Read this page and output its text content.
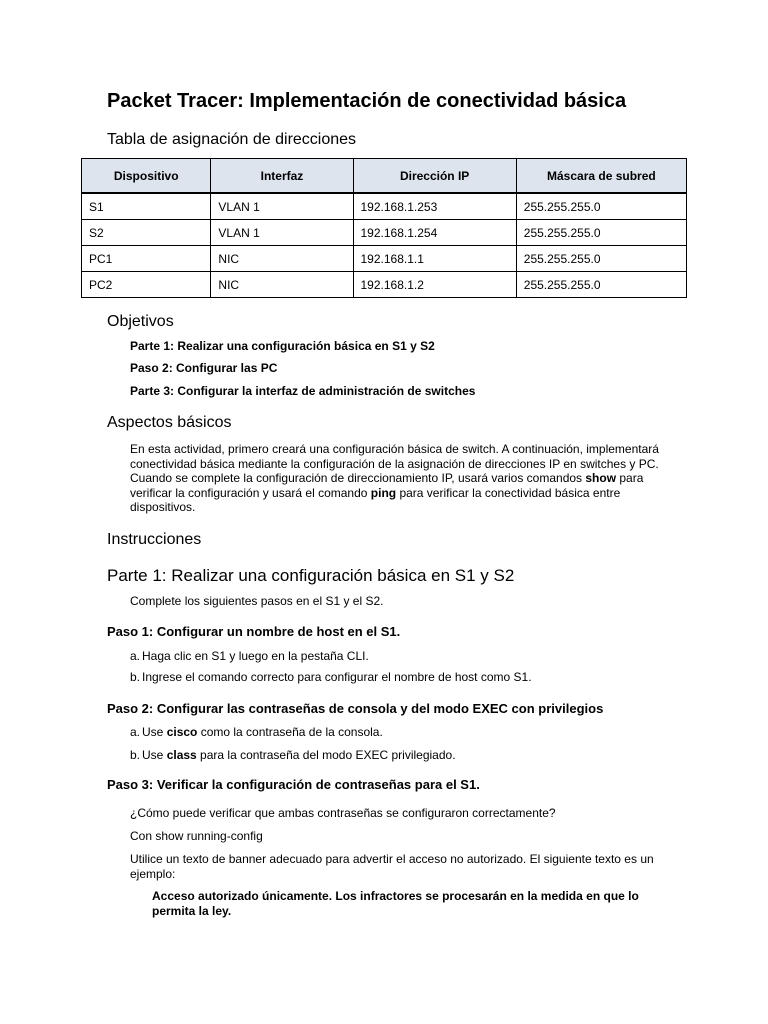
Packet Tracer: Implementación de conectividad básica
Tabla de asignación de direcciones
Dispositivo	Interfaz	Dirección IP	Máscara de subred
S1	VLAN 1	192.168.1.253	255.255.255.0
S2	VLAN 1	192.168.1.254	255.255.255.0
PC1	NIC	192.168.1.1	255.255.255.0
PC2	NIC	192.168.1.2	255.255.255.0
Objetivos
Parte 1: Realizar una configuración básica en S1 y S2
Paso 2: Configurar las PC
Parte 3: Configurar la interfaz de administración de switches
Aspectos básicos
En esta actividad, primero creará una configuración básica de switch. A continuación, implementará conectividad básica mediante la configuración de la asignación de direcciones IP en switches y PC. Cuando se complete la configuración de direccionamiento IP, usará varios comandos show para verificar la configuración y usará el comando ping para verificar la conectividad básica entre dispositivos.
Instrucciones
Parte 1: Realizar una configuración básica en S1 y S2
Complete los siguientes pasos en el S1 y el S2.
Paso 1: Configurar un nombre de host en el S1.
a. Haga clic en S1 y luego en la pestaña CLI.
b. Ingrese el comando correcto para configurar el nombre de host como S1.
Paso 2: Configurar las contraseñas de consola y del modo EXEC con privilegios
a. Use cisco como la contraseña de la consola.
b. Use class para la contraseña del modo EXEC privilegiado.
Paso 3: Verificar la configuración de contraseñas para el S1.
¿Cómo puede verificar que ambas contraseñas se configuraron correctamente?
Con show running-config
Utilice un texto de banner adecuado para advertir el acceso no autorizado. El siguiente texto es un ejemplo:
Acceso autorizado únicamente. Los infractores se procesarán en la medida en que lo permita la ley.
